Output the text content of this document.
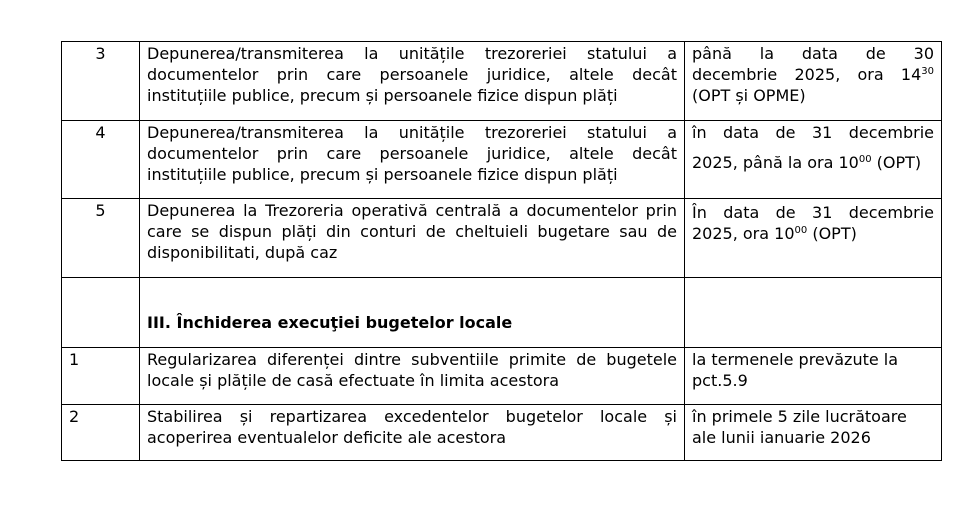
3	Depunerea/transmiterea la unitățile trezoreriei statului a documentelor prin care persoanele juridice, altele decât instituțiile publice, precum și persoanele fizice dispun plăți	până la data de 30
decembrie 2025, ora $14^{30}$
(OPT și OPME)

4	Depunerea/transmiterea la unitățile trezoreriei statului a documentelor prin care persoanele juridice, altele decât instituțiile publice, precum și persoanele fizice dispun plăți	în data de 31 decembrie
2025, până la ora $10^{00}$ (OPT)

5	Depunerea la Trezoreria operativă centrală a documentelor prin care se dispun plăți din conturi de cheltuieli bugetare sau de disponibilitati, după caz	În data de 31 decembrie
2025, ora $10^{00}$ (OPT)

	III. Închiderea execuţiei bugetelor locale	

1	Regularizarea diferenței dintre subventiile primite de bugetele locale și plățile de casă efectuate în limita acestora	la termenele prevăzute la pct.5.9
2	Stabilirea și repartizarea excedentelor bugetelor locale și acoperirea eventualelor deficite ale acestora	în primele 5 zile lucrătoare ale lunii ianuarie 2026
